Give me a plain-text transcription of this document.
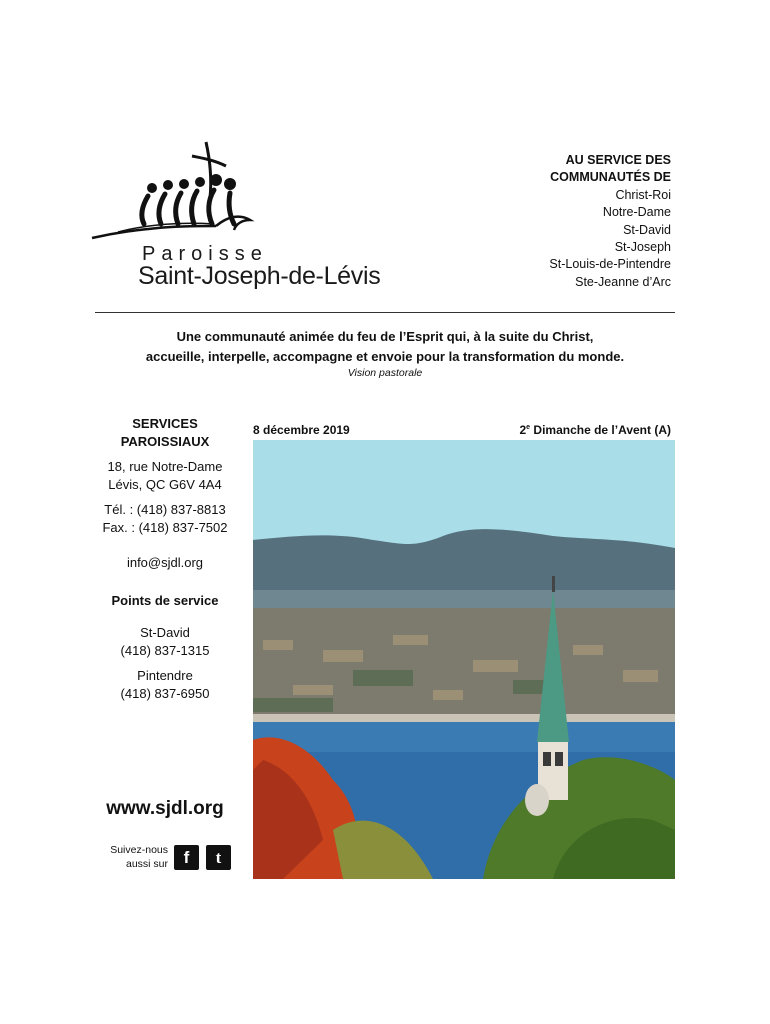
Paroisse
Saint-Joseph-de-Lévis
AU SERVICE DES
COMMUNAUTÉS DE
Christ-Roi
Notre-Dame
St-David
St-Joseph
St-Louis-de-Pintendre
Ste-Jeanne d’Arc
Une communauté animée du feu de l’Esprit qui, à la suite du Christ,
accueille, interpelle, accompagne et envoie pour la transformation du monde.
Vision pastorale
SERVICES
PAROISSIAUX
18, rue Notre-Dame
Lévis, QC G6V 4A4
Tél. : (418) 837-8813
Fax. : (418) 837-7502
info@sjdl.org
Points de service
St-David
(418) 837-1315
Pintendre
(418) 837-6950
www.sjdl.org
Suivez-nous
aussi sur f	t
8 décembre 2019	2e Dimanche de l’Avent (A)
